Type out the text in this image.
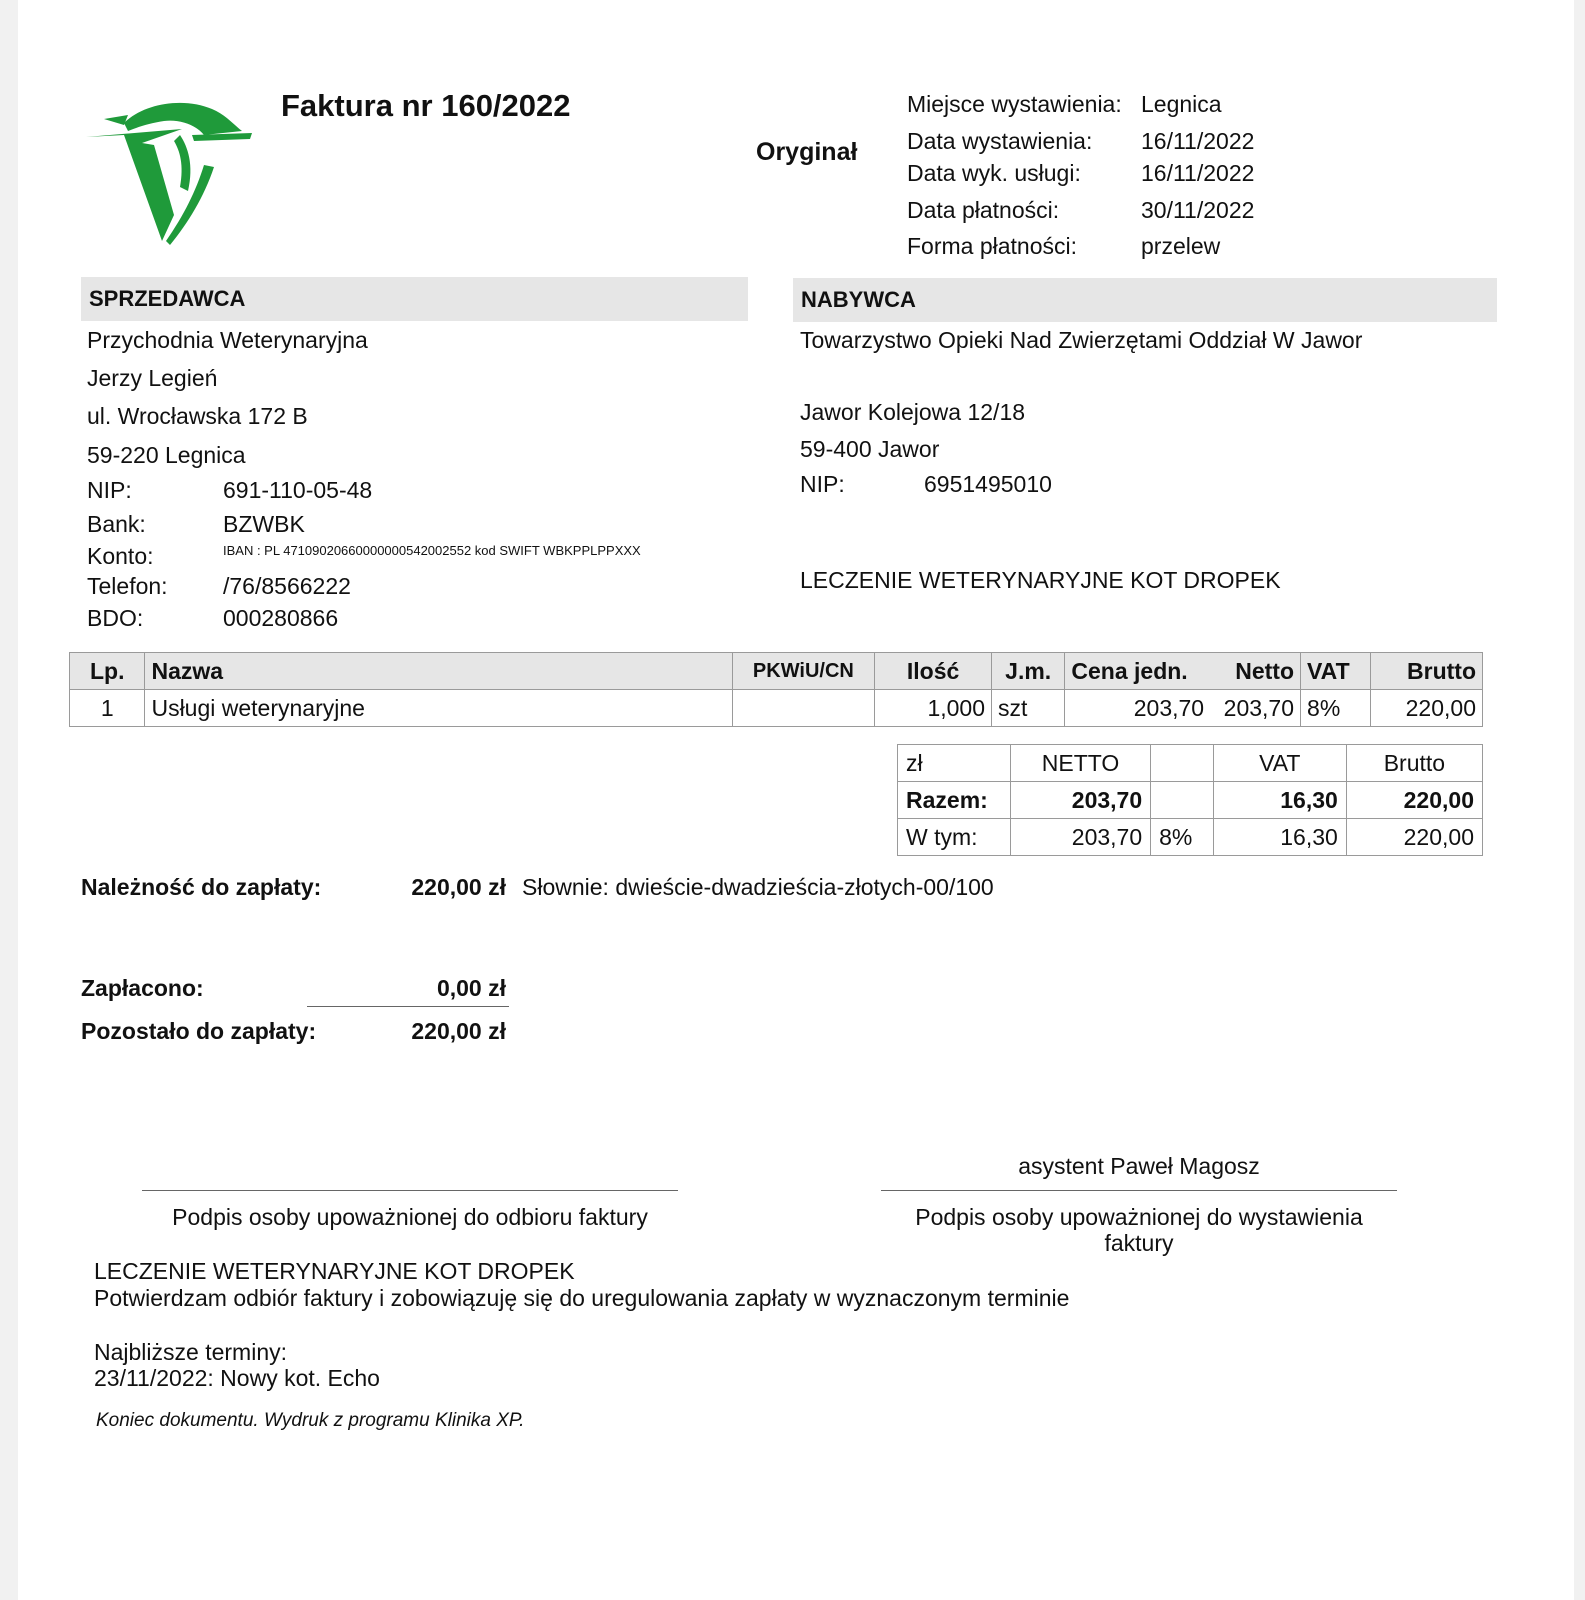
Faktura nr 160/2022
Oryginał
Miejsce wystawienia: Legnica
Data wystawienia: 16/11/2022
Data wyk. usługi:	16/11/2022
Data płatności:	30/11/2022
Forma płatności:	przelew
SPRZEDAWCA
Przychodnia Weterynaryjna
Jerzy Legień
ul. Wrocławska 172 B
59-220 Legnica
NIP:	691-110-05-48
Bank:	BZWBK
Konto:	IBAN : PL 47109020660000000542002552 kod SWIFT WBKPPLPPXXX
Telefon: /76/8566222
BDO:	000280866
NABYWCA
Towarzystwo Opieki Nad Zwierzętami Oddział W Jawor
Jawor Kolejowa 12/18
59-400 Jawor
NIP:	6951495010
LECZENIE WETERYNARYJNE KOT DROPEK
Lp.	Nazwa	PKWiU/CN	Ilość	J.m.	Cena jedn.	Netto	VAT	Brutto
1	Usługi weterynaryjne		1,000	szt	203,70	203,70	8%	220,00
zł	NETTO		VAT	Brutto
Razem:	203,70		16,30	220,00
W tym:	203,70	8%	16,30	220,00
Należność do zapłaty:	220,00 zł Słownie: dwieście-dwadzieścia-złotych-00/100
Zapłacono:	0,00 zł
Pozostało do zapłaty:	220,00 zł
asystent Paweł Magosz
Podpis osoby upoważnionej do odbioru faktury	Podpis osoby upoważnionej do wystawienia
faktury
LECZENIE WETERYNARYJNE KOT DROPEK
Potwierdzam odbiór faktury i zobowiązuję się do uregulowania zapłaty w wyznaczonym terminie
Najbliższe terminy:
23/11/2022: Nowy kot. Echo
Koniec dokumentu. Wydruk z programu Klinika XP.
